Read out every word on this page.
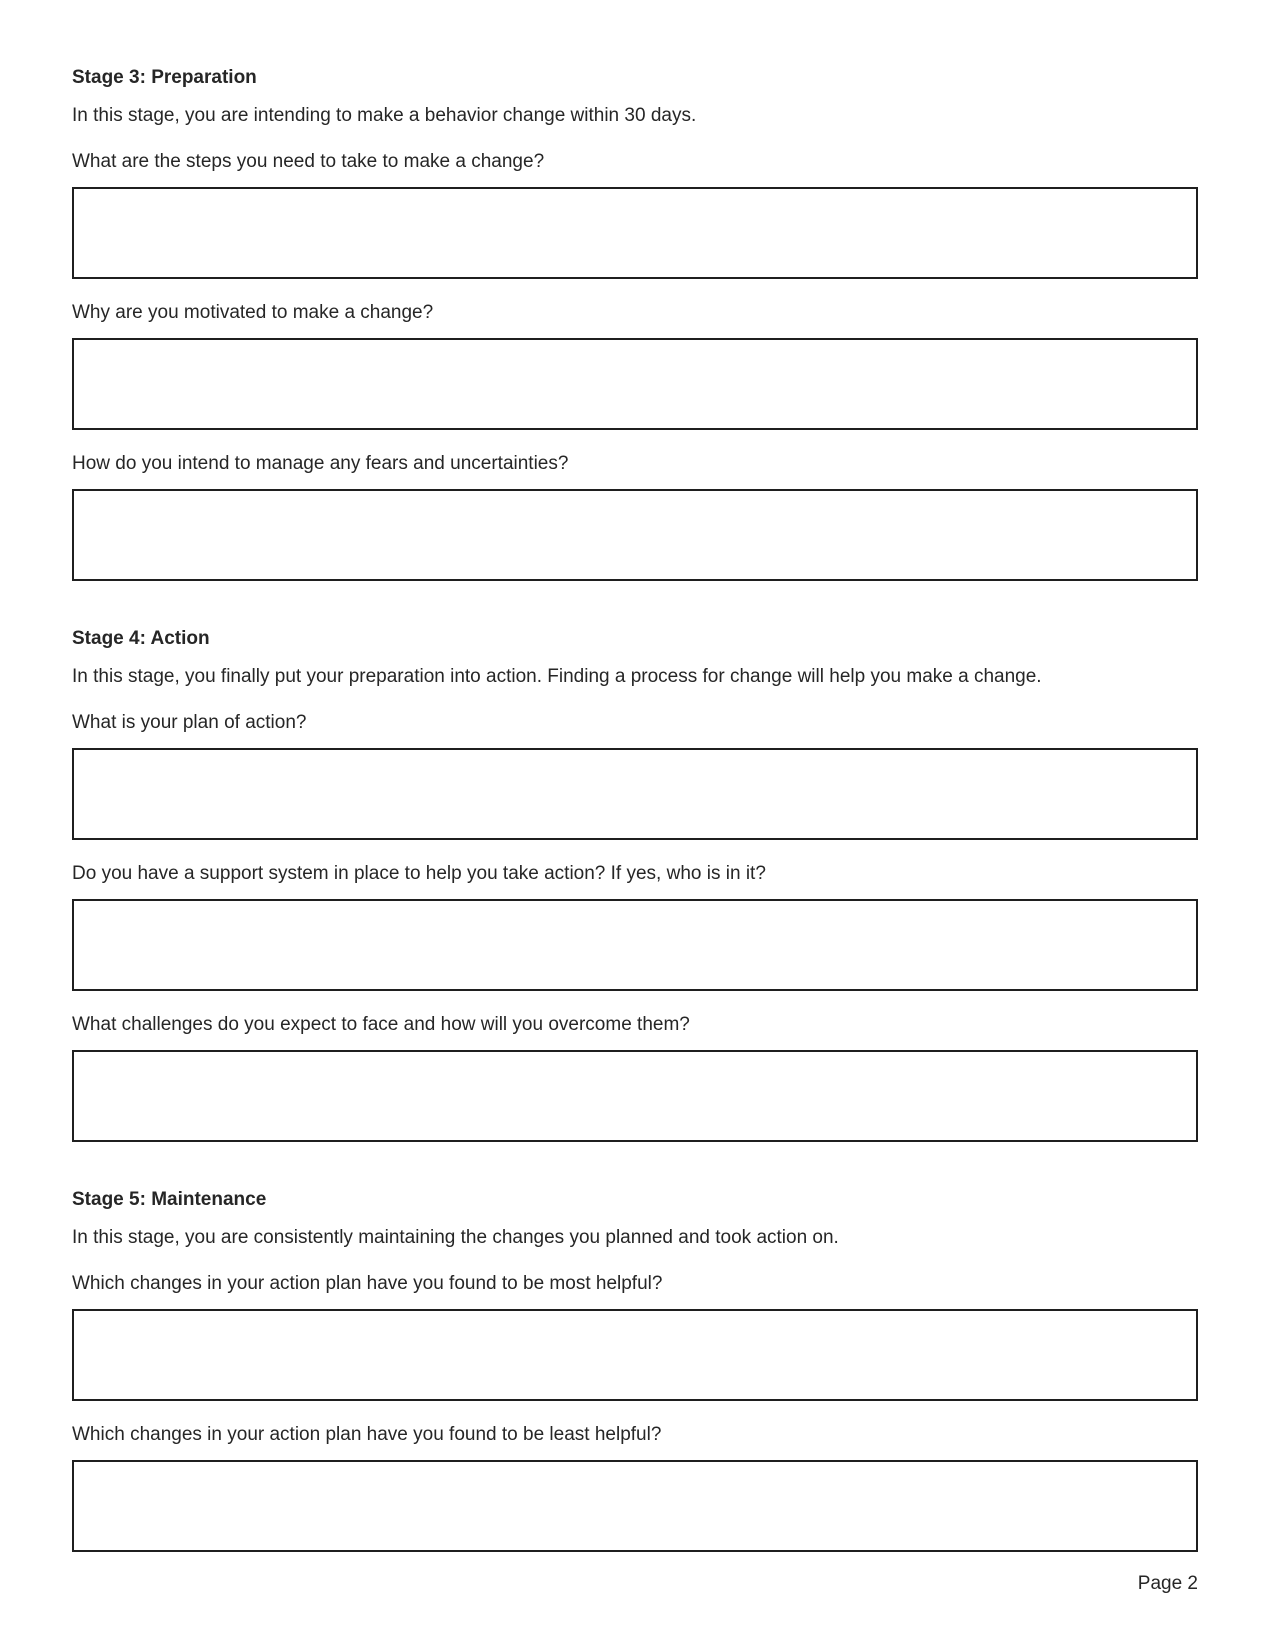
Stage 3: Preparation
In this stage, you are intending to make a behavior change within 30 days.
What are the steps you need to take to make a change?
Why are you motivated to make a change?
How do you intend to manage any fears and uncertainties?
Stage 4: Action
In this stage, you finally put your preparation into action. Finding a process for change will help you make a change.
What is your plan of action?
Do you have a support system in place to help you take action? If yes, who is in it?
What challenges do you expect to face and how will you overcome them?
Stage 5: Maintenance
In this stage, you are consistently maintaining the changes you planned and took action on.
Which changes in your action plan have you found to be most helpful?
Which changes in your action plan have you found to be least helpful?
Page 2
